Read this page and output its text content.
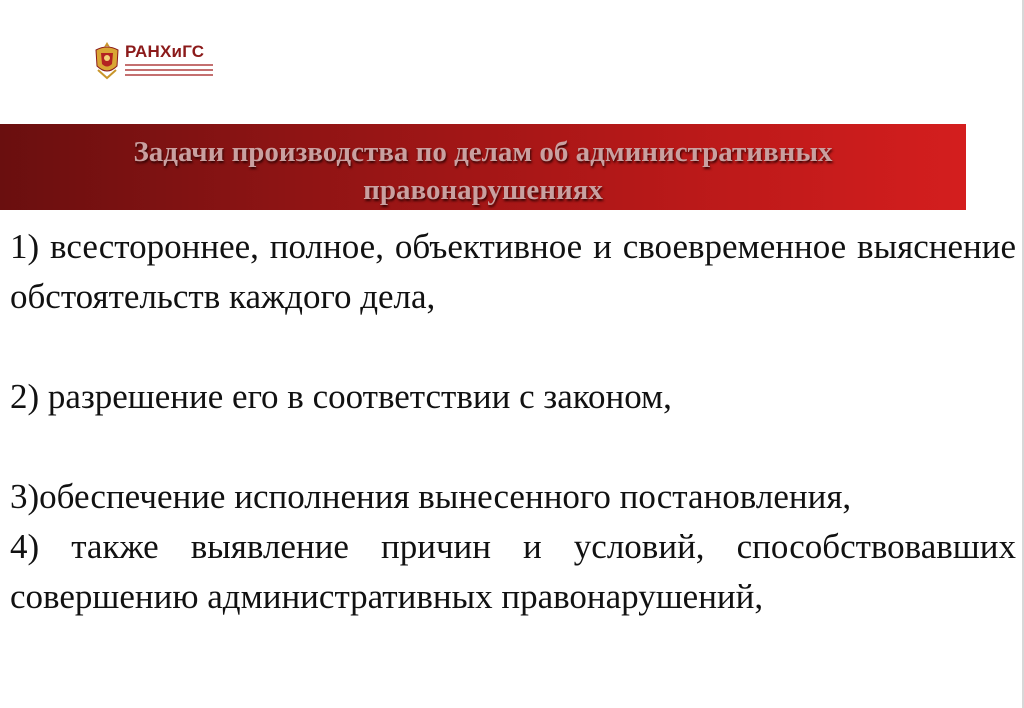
РАНХиГС
Задачи производства по делам об административных
правонарушениях

1) всестороннее, полное, объективное и своевременное выяснение обстоятельств каждого дела,

2) разрешение его в соответствии с законом,

3)обеспечение исполнения вынесенного постановления,

4) также выявление причин и условий, способствовавших совершению административных правонарушений,
